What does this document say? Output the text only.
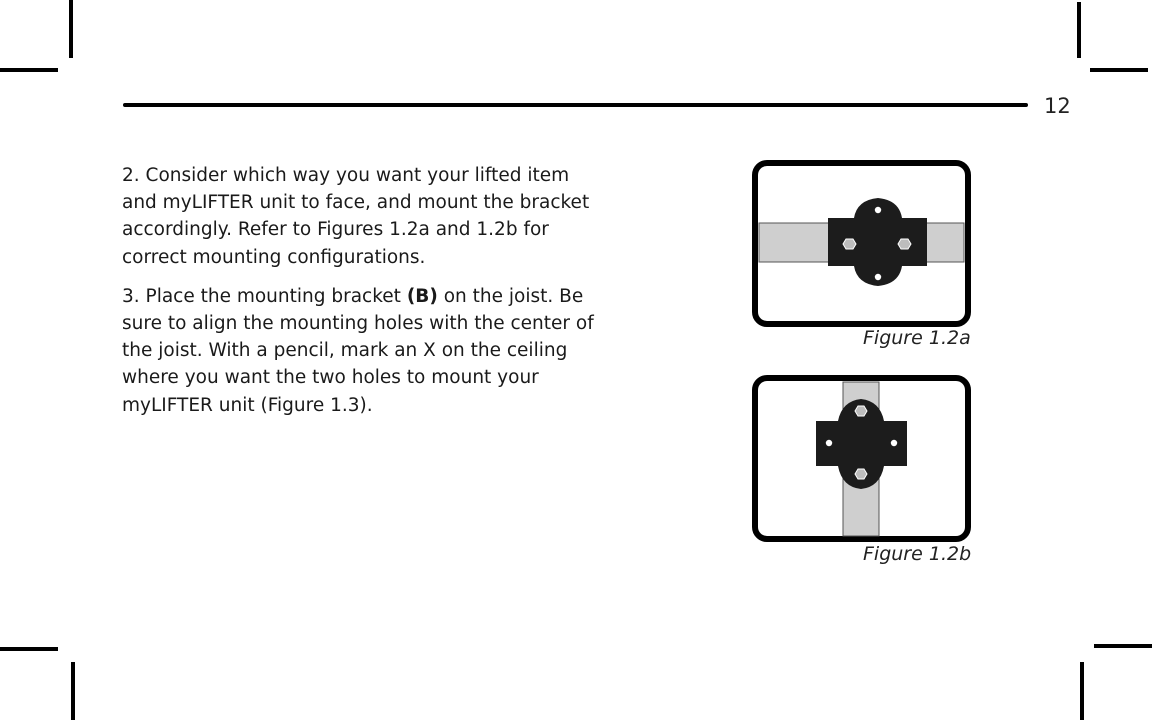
12

2. Consider which way you want your lifted item and myLIFTER unit to face, and mount the bracket accordingly. Refer to Figures 1.2a and 1.2b for correct mounting configurations.

3. Place the mounting bracket (B) on the joist. Be sure to align the mounting holes with the center of the joist. With a pencil, mark an X on the ceiling where you want the two holes to mount your myLIFTER unit (Figure 1.3).

Figure 1.2a
Figure 1.2b
